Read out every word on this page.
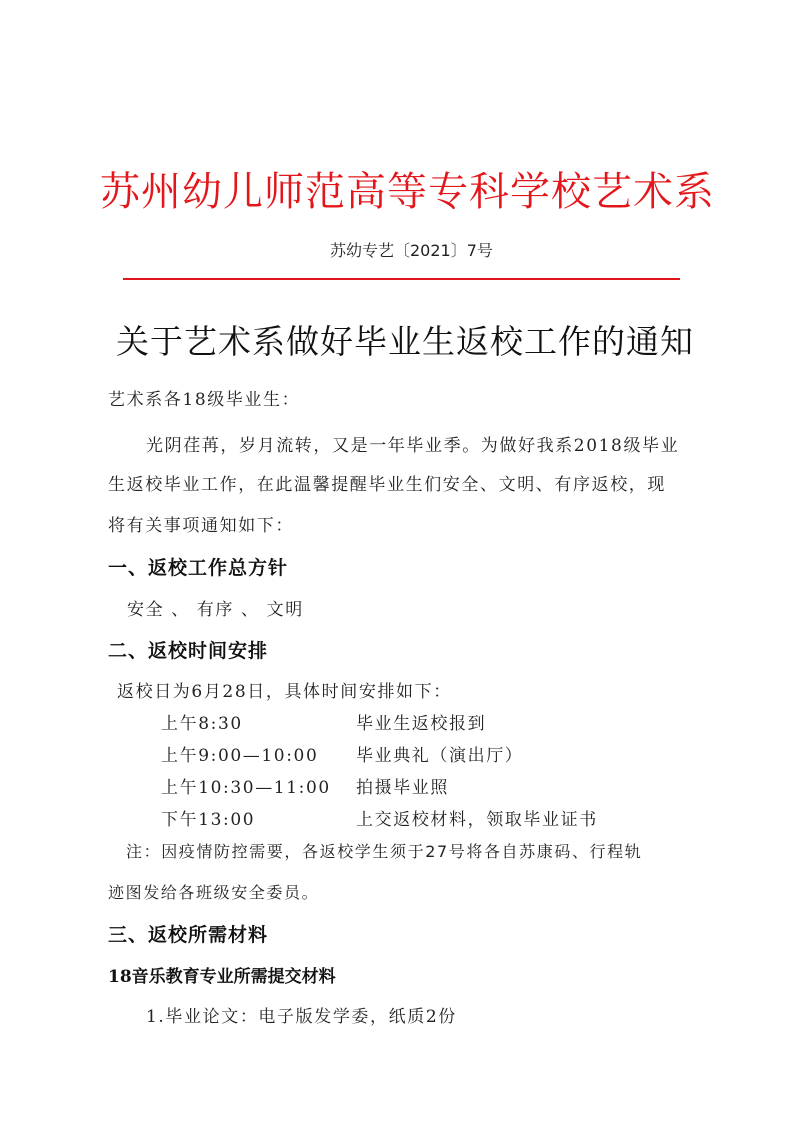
苏州幼儿师范高等专科学校艺术系
苏幼专艺〔2021〕7号
关于艺术系做好毕业生返校工作的通知
艺术系各18级毕业生：
光阴荏苒，岁月流转，又是一年毕业季。为做好我系2018级毕业
生返校毕业工作，在此温馨提醒毕业生们安全、文明、有序返校，现
将有关事项通知如下：
一、返校工作总方针
安全 、 有序 、 文明
二、返校时间安排
返校日为6月28日，具体时间安排如下：
上午8:30	毕业生返校报到
上午9:00—10:00 毕业典礼（演出厅）
上午10:30—11:00 拍摄毕业照
下午13:00	上交返校材料，领取毕业证书
注：因疫情防控需要，各返校学生须于27号将各自苏康码、行程轨
迹图发给各班级安全委员。
三、返校所需材料
18音乐教育专业所需提交材料
1.毕业论文：电子版发学委，纸质2份
